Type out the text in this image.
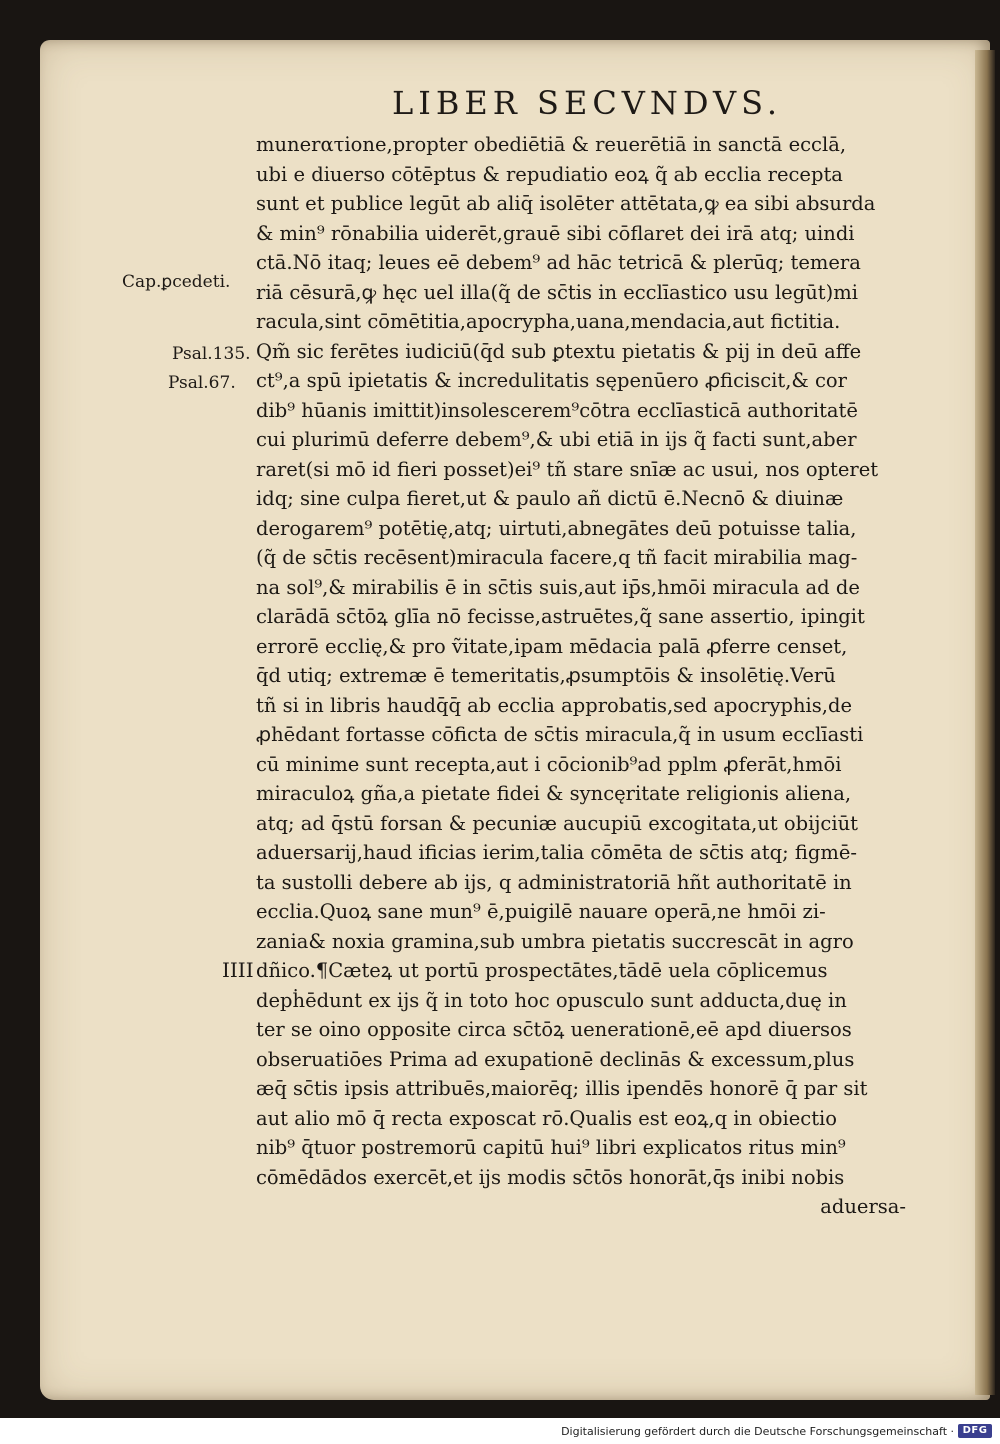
LIBER SECVNDVS.
Cap.ꝑcedeti.
Psal.135.
Psal.67.
IIII
munerατione,propter obediētiā & reuerētiā in sanctā ecclā,
ubi e diuerso cōtēptus & repudiatio eoꝝ q̃ ab ecclia recepta
sunt et publice legūt ab aliq̄ isolēter attētata,ꝙ ea sibi absurda
& min⁹ rōnabilia uiderēt,grauē sibi cōflaret dei irā atq; uindi
ctā.Nō itaq; leues eē debem⁹ ad hāc tetricā & plerūq; temera
riā cēsurā,ꝙ hęc uel illa(q̃ de sc̄tis in ecclīastico usu legūt)mi
racula,sint cōmētitia,apocrypha,uana,mendacia,aut fictitia.
Qm̃ sic ferētes iudiciū(q̄d sub ꝑtextu pietatis & pij in deū affe
ct⁹,a spū ipietatis & incredulitatis sępenūero ꝓficiscit,& cor
dib⁹ hūanis imittit)insolescerem⁹cōtra ecclīasticā authoritatē
cui plurimū deferre debem⁹,& ubi etiā in ijs q̃ facti sunt,aber
raret(si mō id fieri posset)ei⁹ tñ stare snīæ ac usui, nos opteret
idq; sine culpa fieret,ut & paulo añ dictū ē.Necnō & diuinæ
derogarem⁹ potētię,atq; uirtuti,abnegātes deū potuisse talia,
(q̃ de sc̄tis recēsent)miracula facere,q tñ facit mirabilia mag-
na sol⁹,& mirabilis ē in sc̄tis suis,aut ip̄s,hmōi miracula ad de
clarādā sc̄tōꝝ glīa nō fecisse,astruētes,q̃ sane assertio, ipingit
errorē ecclię,& pro ṽitate,ipam mēdacia palā ꝓferre censet,
q̄d utiq; extremæ ē temeritatis,ꝓsumptōis & insolētię.Verū
tñ si in libris haudq̄q̄ ab ecclia approbatis,sed apocryphis,de
ꝓhēdant fortasse cōficta de sc̄tis miracula,q̃ in usum ecclīasti
cū minime sunt recepta,aut i cōcionib⁹ad pplm ꝓferāt,hmōi
miraculoꝝ gña,a pietate fidei & syncęritate religionis aliena,
atq; ad q̄stū forsan & pecuniæ aucupiū excogitata,ut obijciūt
aduersarij,haud ificias ierim,talia cōmēta de sc̄tis atq; figmē-
ta sustolli debere ab ijs, q administratoriā hñt authoritatē in
ecclia.Quoꝝ sane mun⁹ ē,puigilē nauare operā,ne hmōi zi-
zania& noxia gramina,sub umbra pietatis succrescāt in agro
dñico.¶Cæteꝝ ut portū prospectātes,tādē uela cōplicemus
depḣēdunt ex ijs q̃ in toto hoc opusculo sunt adducta,duę in
ter se oino opposite circa sc̄tōꝝ uenerationē,eē apd diuersos
obseruatiōes Prima ad exupationē declinās & excessum,plus
æq̄ sc̄tis ipsis attribuēs,maiorēq; illis ipendēs honorē q̄ par sit
aut alio mō q̄ recta exposcat rō.Qualis est eoꝝ,q in obiectio
nib⁹ q̄tuor postremorū capitū hui⁹ libri explicatos ritus min⁹
cōmēdādos exercēt,et ijs modis sc̄tōs honorāt,q̄s inibi nobis
aduersa-
Digitalisierung gefördert durch die Deutsche Forschungsgemeinschaft · DFG
